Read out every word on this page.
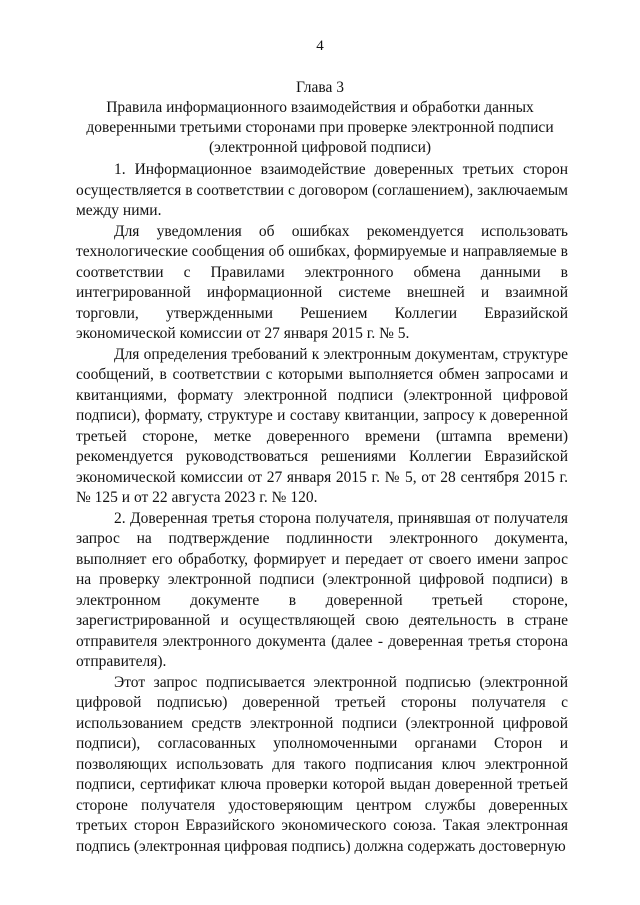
4
Глава 3
Правила информационного взаимодействия и обработки данных
доверенными третьими сторонами при проверке электронной подписи
(электронной цифровой подписи)

1. Информационное взаимодействие доверенных третьих сторон осуществляется в соответствии с договором (соглашением), заключаемым между ними.

Для уведомления об ошибках рекомендуется использовать технологические сообщения об ошибках, формируемые и направляемые в соответствии с Правилами электронного обмена данными в интегрированной информационной системе внешней и взаимной торговли, утвержденными Решением Коллегии Евразийской экономической комиссии от 27 января 2015 г. № 5.

Для определения требований к электронным документам, структуре сообщений, в соответствии с которыми выполняется обмен запросами и квитанциями, формату электронной подписи (электронной цифровой подписи), формату, структуре и составу квитанции, запросу к доверенной третьей стороне, метке доверенного времени (штампа времени) рекомендуется руководствоваться решениями Коллегии Евразийской экономической комиссии от 27 января 2015 г. № 5, от 28 сентября 2015 г. № 125 и от 22 августа 2023 г. № 120.

2. Доверенная третья сторона получателя, принявшая от получателя запрос на подтверждение подлинности электронного документа, выполняет его обработку, формирует и передает от своего имени запрос на проверку электронной подписи (электронной цифровой подписи) в электронном документе в доверенной третьей стороне, зарегистрированной и осуществляющей свою деятельность в стране отправителя электронного документа (далее - доверенная третья сторона отправителя).

Этот запрос подписывается электронной подписью (электронной цифровой подписью) доверенной третьей стороны получателя с использованием средств электронной подписи (электронной цифровой подписи), согласованных уполномоченными органами Сторон и позволяющих использовать для такого подписания ключ электронной подписи, сертификат ключа проверки которой выдан доверенной третьей стороне получателя удостоверяющим центром службы доверенных третьих сторон Евразийского экономического союза. Такая электронная подпись (электронная цифровая подпись) должна содержать достоверную
